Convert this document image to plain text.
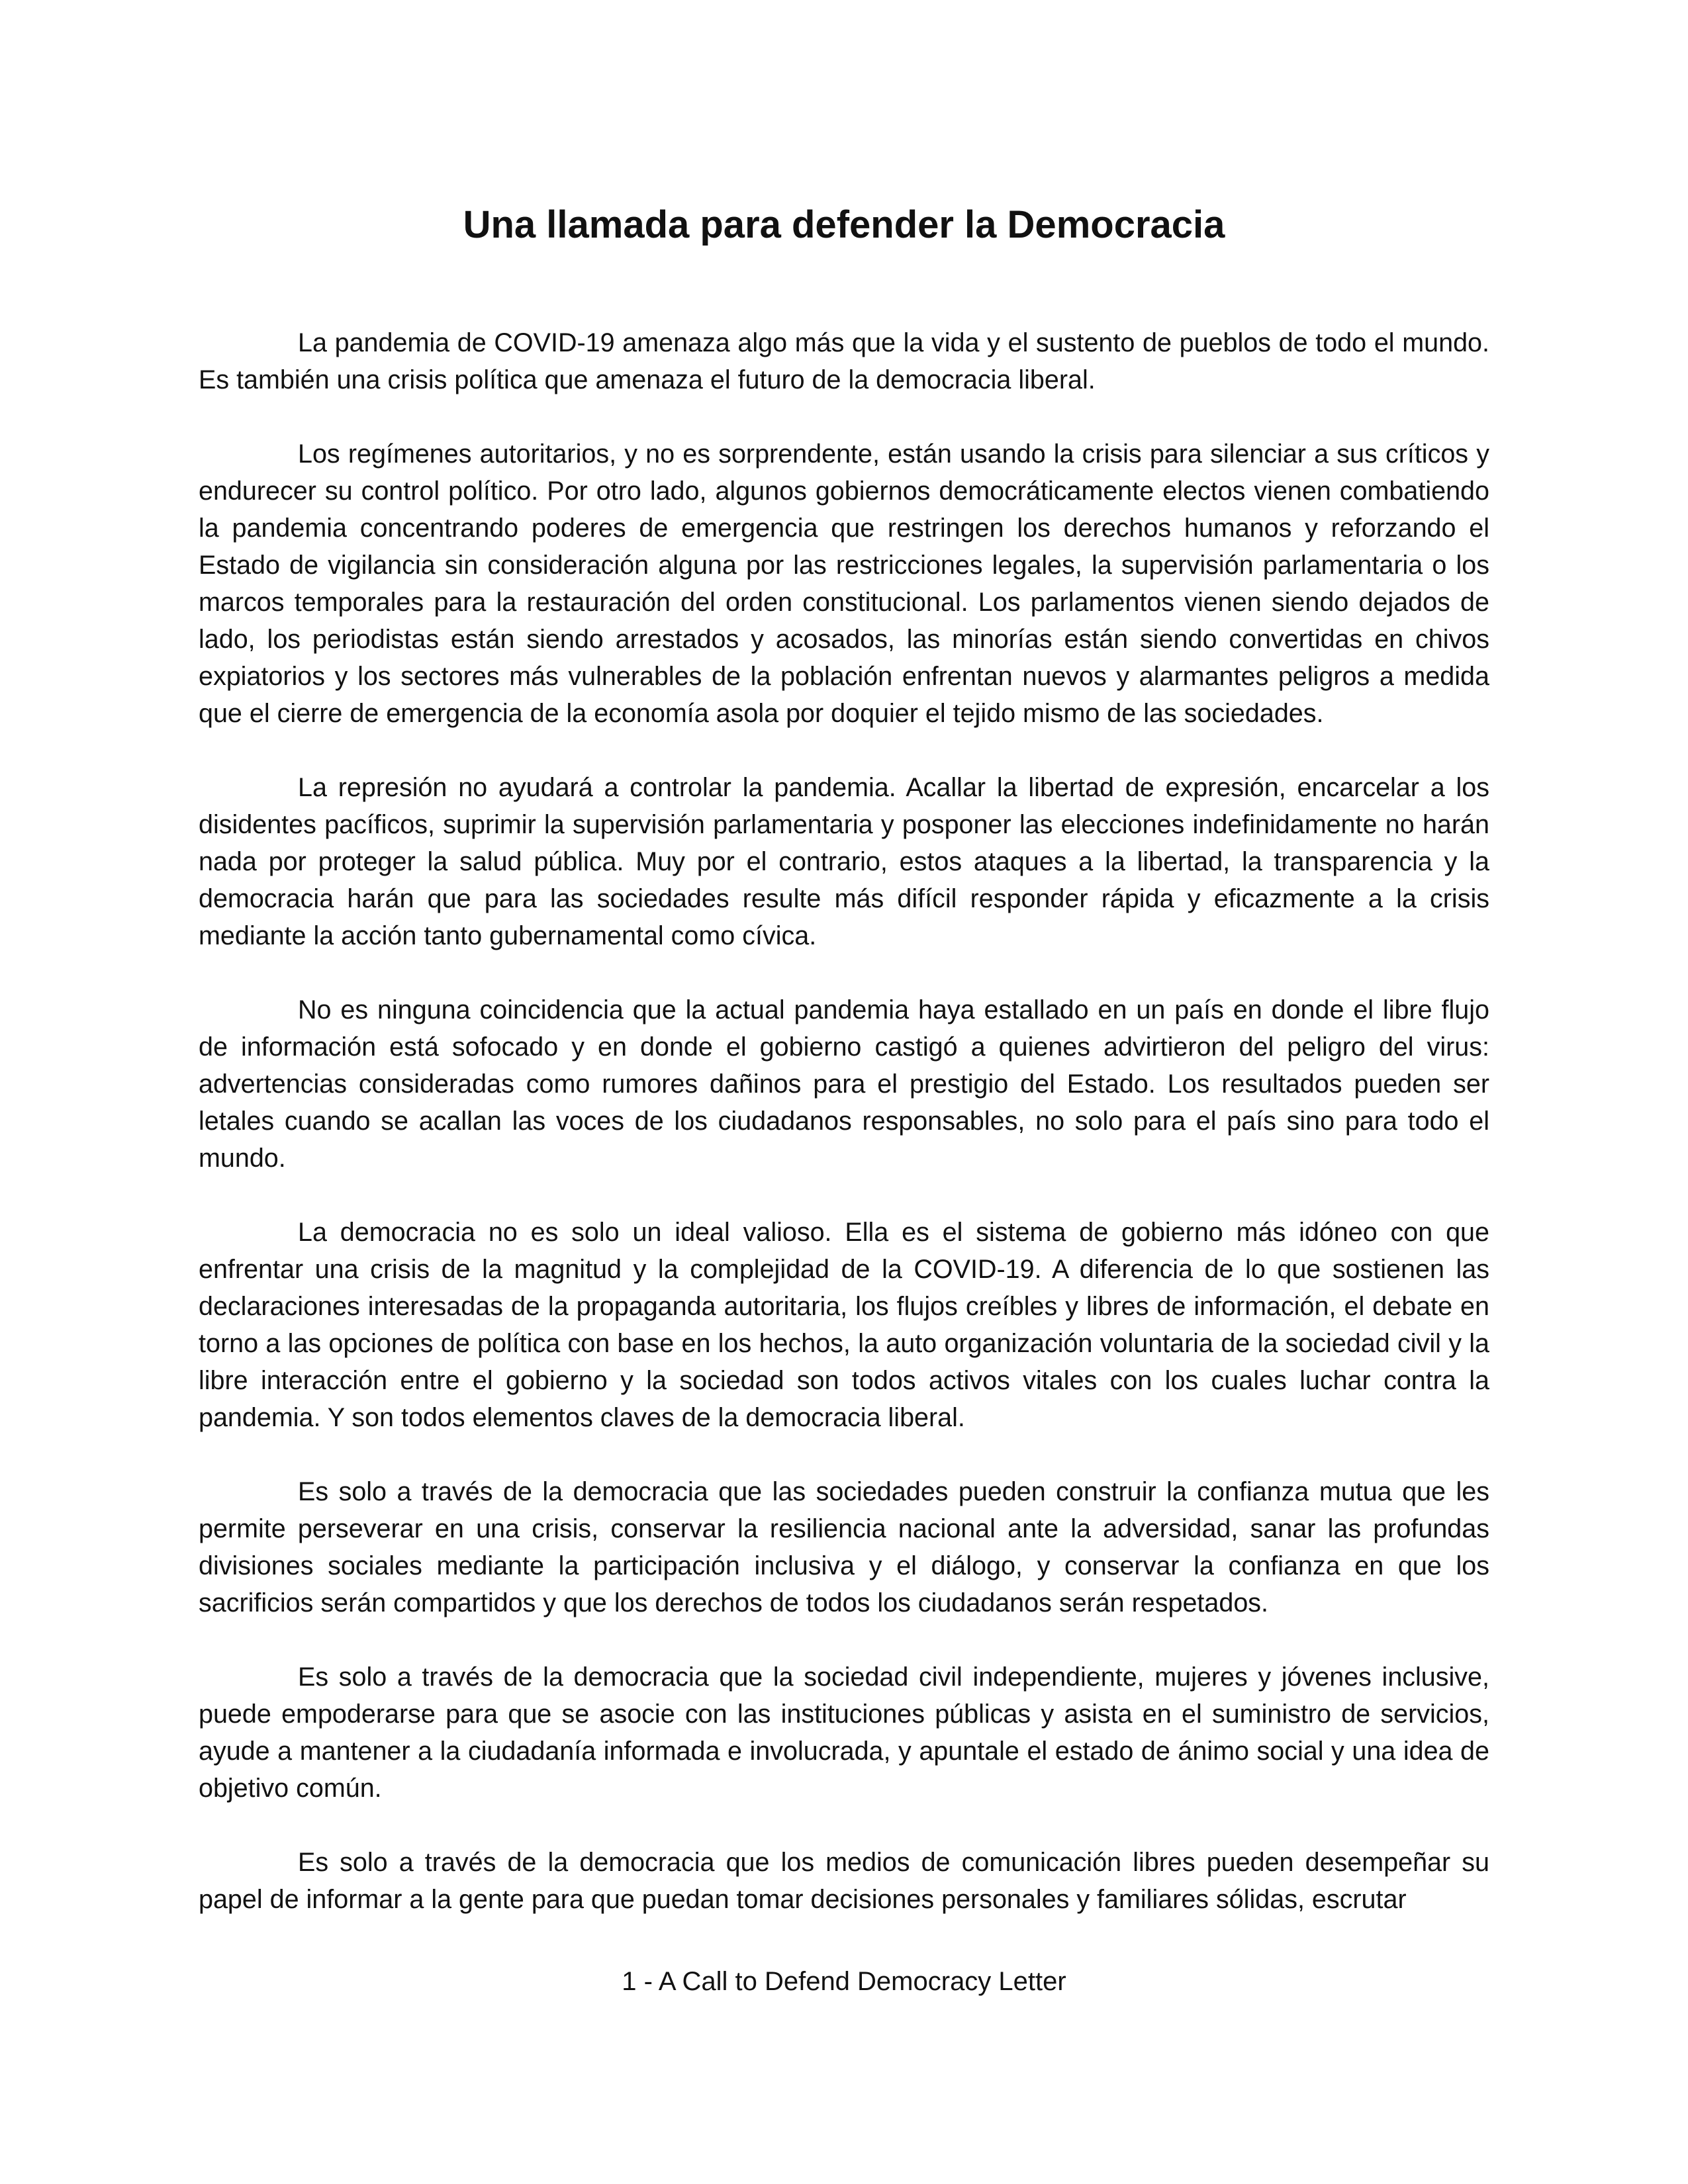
Una llamada para defender la Democracia

La pandemia de COVID-19 amenaza algo más que la vida y el sustento de pueblos de todo el mundo. Es también una crisis política que amenaza el futuro de la democracia liberal.

Los regímenes autoritarios, y no es sorprendente, están usando la crisis para silenciar a sus críticos y endurecer su control político. Por otro lado, algunos gobiernos democráticamente electos vienen combatiendo la pandemia concentrando poderes de emergencia que restringen los derechos humanos y reforzando el Estado de vigilancia sin consideración alguna por las restricciones legales, la supervisión parlamentaria o los marcos temporales para la restauración del orden constitucional. Los parlamentos vienen siendo dejados de lado, los periodistas están siendo arrestados y acosados, las minorías están siendo convertidas en chivos expiatorios y los sectores más vulnerables de la población enfrentan nuevos y alarmantes peligros a medida que el cierre de emergencia de la economía asola por doquier el tejido mismo de las sociedades.

La represión no ayudará a controlar la pandemia. Acallar la libertad de expresión, encarcelar a los disidentes pacíficos, suprimir la supervisión parlamentaria y posponer las elecciones indefinidamente no harán nada por proteger la salud pública. Muy por el contrario, estos ataques a la libertad, la transparencia y la democracia harán que para las sociedades resulte más difícil responder rápida y eficazmente a la crisis mediante la acción tanto gubernamental como cívica.

No es ninguna coincidencia que la actual pandemia haya estallado en un país en donde el libre flujo de información está sofocado y en donde el gobierno castigó a quienes advirtieron del peligro del virus: advertencias consideradas como rumores dañinos para el prestigio del Estado. Los resultados pueden ser letales cuando se acallan las voces de los ciudadanos responsables, no solo para el país sino para todo el mundo.

La democracia no es solo un ideal valioso. Ella es el sistema de gobierno más idóneo con que enfrentar una crisis de la magnitud y la complejidad de la COVID-19. A diferencia de lo que sostienen las declaraciones interesadas de la propaganda autoritaria, los flujos creíbles y libres de información, el debate en torno a las opciones de política con base en los hechos, la auto organización voluntaria de la sociedad civil y la libre interacción entre el gobierno y la sociedad son todos activos vitales con los cuales luchar contra la pandemia. Y son todos elementos claves de la democracia liberal.

Es solo a través de la democracia que las sociedades pueden construir la confianza mutua que les permite perseverar en una crisis, conservar la resiliencia nacional ante la adversidad, sanar las profundas divisiones sociales mediante la participación inclusiva y el diálogo, y conservar la confianza en que los sacrificios serán compartidos y que los derechos de todos los ciudadanos serán respetados.

Es solo a través de la democracia que la sociedad civil independiente, mujeres y jóvenes inclusive, puede empoderarse para que se asocie con las instituciones públicas y asista en el suministro de servicios, ayude a mantener a la ciudadanía informada e involucrada, y apuntale el estado de ánimo social y una idea de objetivo común.

Es solo a través de la democracia que los medios de comunicación libres pueden desempeñar su papel de informar a la gente para que puedan tomar decisiones personales y familiares sólidas, escrutar

1 - A Call to Defend Democracy Letter
